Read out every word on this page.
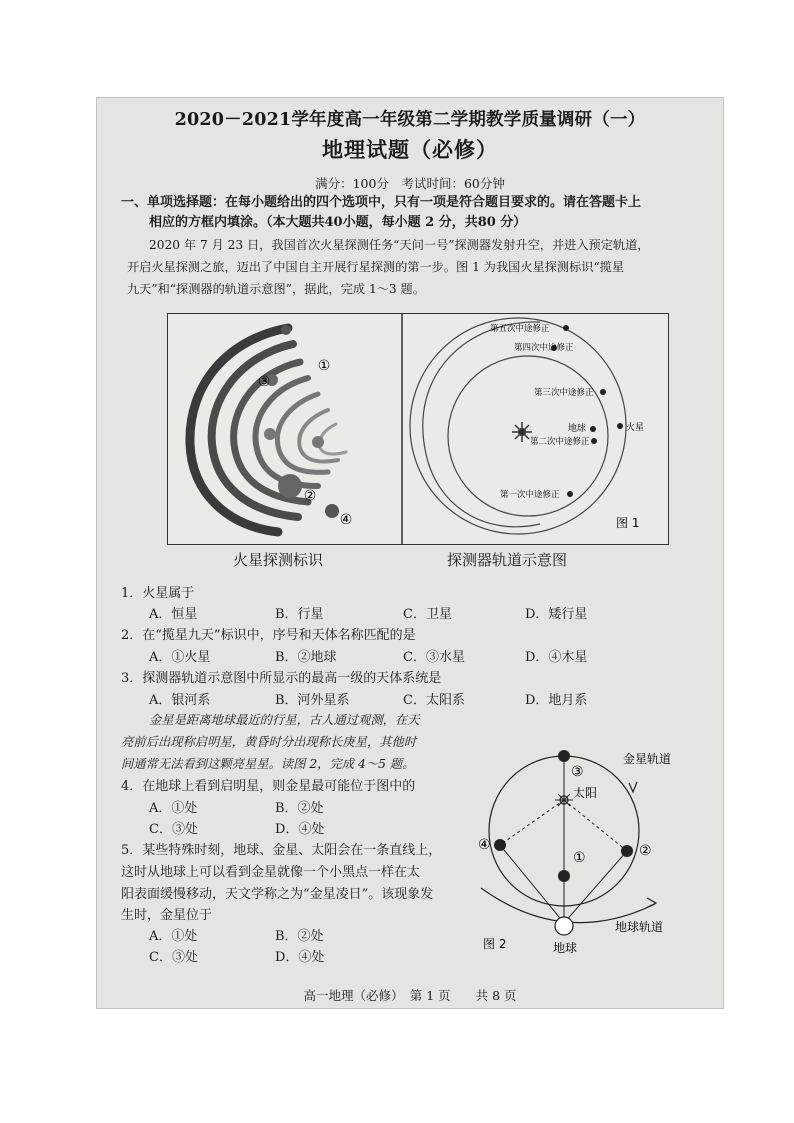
2020－2021学年度高一年级第二学期教学质量调研（一）
地理试题（必修）
满分：100分　考试时间：60分钟
一、单项选择题：在每小题给出的四个选项中，只有一项是符合题目要求的。请在答题卡上
相应的方框内填涂。（本大题共40小题，每小题 2 分，共80 分）
2020 年 7 月 23 日，我国首次火星探测任务“天问一号”探测器发射升空，并进入预定轨道，
开启火星探测之旅，迈出了中国自主开展行星探测的第一步。图 1 为我国火星探测标识“揽星
九天”和“探测器的轨道示意图”，据此，完成 1～3 题。
③
①
②
④
第五次中途修正
第四次中途修正
第三次中途修正
地球	火星
第二次中途修正
第一次中途修正
图 1
火星探测标识	探测器轨道示意图
1．火星属于
A．恒星	B．行星	C．卫星	D．矮行星
2．在“揽星九天”标识中，序号和天体名称匹配的是
A．①火星	B．②地球	C．③水星	D．④木星
3．探测器轨道示意图中所显示的最高一级的天体系统是
A．银河系	B．河外星系	C．太阳系	D．地月系
金星是距离地球最近的行星，古人通过观测，在天
亮前后出现称启明星，黄昏时分出现称长庚星，其他时
间通常无法看到这颗亮星星。读图 2，完成 4～5 题。
4．在地球上看到启明星，则金星最可能位于图中的
A．①处	B．②处
C．③处	D．④处
5．某些特殊时刻，地球、金星、太阳会在一条直线上，
这时从地球上可以看到金星就像一个小黑点一样在太
阳表面缓慢移动，天文学称之为“金星凌日”。该现象发
生时，金星位于
A．①处	B．②处
C．③处	D．④处
①	②
③
④
太阳
金星轨道
地球轨道
地球
图 2
高一地理（必修）　第 1 页　　共 8 页
